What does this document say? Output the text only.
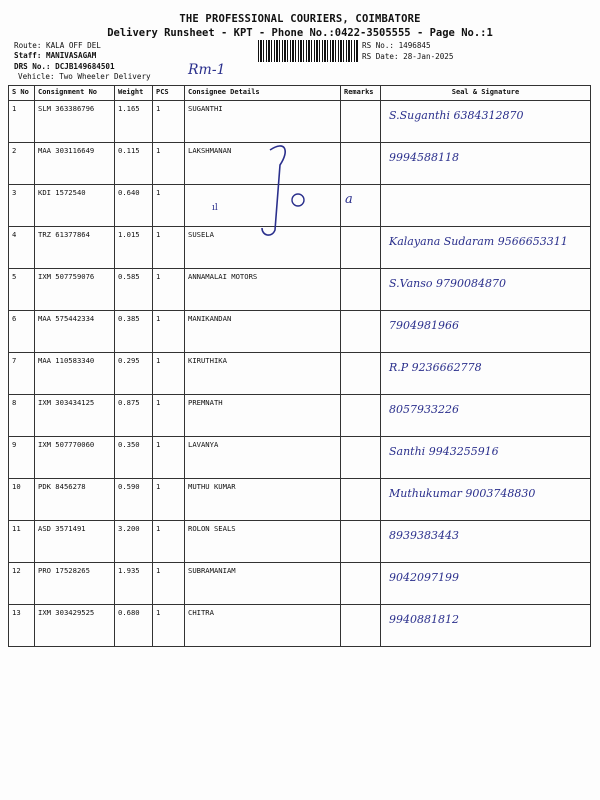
THE PROFESSIONAL COURIERS, COIMBATORE
Delivery Runsheet - KPT - Phone No.:0422-3505555 - Page No.:1
Route: KALA OFF DEL
Staff: MANIVASAGAM
DRS No.: DCJB149684501
Vehicle: Two Wheeler Delivery
RS No.: 1496845
RS Date: 28-Jan-2025
Rm-1
S No	Consignment No	Weight	PCS	Consignee Details	Remarks	Seal & Signature
1	SLM 363386796	1.165	1	SUGANTHI		S.Suganthi 6384312870

2	MAA 303116649	0.115	1	LAKSHMANAN		9994588118

3	KDI 1572540	0.640	1			

4	TRZ 61377864	1.015	1	SUSELA		Kalayana Sudaram 9566653311

5	IXM 507759076	0.585	1	ANNAMALAI MOTORS		S.Vanso 9790084870

6	MAA 575442334	0.385	1	MANIKANDAN		7904981966

7	MAA 110583340	0.295	1	KIRUTHIKA		R.P 9236662778

8	IXM 303434125	0.875	1	PREMNATH		8057933226

9	IXM 507770060	0.350	1	LAVANYA		Santhi 9943255916

10	PDK 8456278	0.590	1	MUTHU KUMAR		Muthukumar 9003748830

11	ASD 3571491	3.200	1	ROLON SEALS		8939383443

12	PRO 17528265	1.935	1	SUBRAMANIAM		9042097199

13	IXM 303429525	0.680	1	CHITRA		9940881812
a
ıl
